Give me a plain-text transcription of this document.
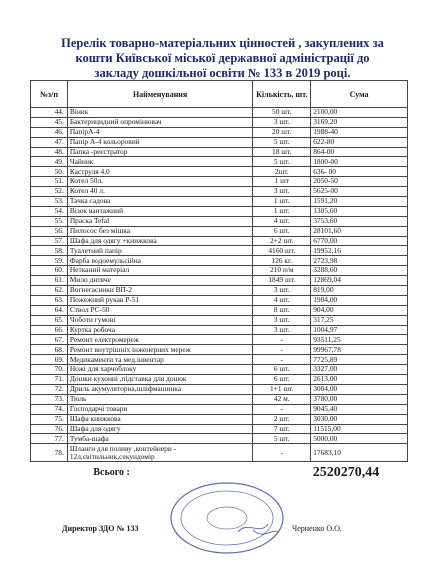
Перелік товарно-матеріальних цінностей , закуплених за
кошти Київської міської державної адміністрації до
закладу дошкільної освіти № 133 в 2019 році.
№з/п	Найменування	Кількість, шт.	Сума
44.	Віник	50 шт.	2100,00
45.	Бактерицидний опромінювач	3 шт.	3169,20
46.	ПапірА-4	20 шт.	1988-40
47.	Папір А-4 кольоровий	5 шт.	622-80
48.	Папка -реєстратор	18 шт.	864-00
49.	Чайник	5 шт.	1800-00
50.	Каструля 4,0	2шт.	636- 00
51.	Котел 50л.	1 шт	2050-50
52.	Котел 40 л.	3 шт.	5625-00
53.	Тачка садова	1 шт.	1591,20
54.	Візок вантажний	1 шт.	1305,60
55.	Праска Tefal	4 шт.	3753,60
56.	Пилосос без мішка	6 шт.	28101,60
57.	Шафа для одягу +книжкова	2+2 шт.	6770,00
58.	Туалетний папір	4160 шт.	19952,16
59.	Фарба водоемульсійна	126 кг.	2723,98
60.	Нетканий матеріал	210 п/м	3288,60
61.	Мило дитяче	1849 шт.	12869,04
62.	Вогнегасники ВП-2	3 шт.	819,00
63.	Пожежний рукав Р-51	4 шт.	1904,00
64.	Ствол РС-50	8 шт.	904,00
65.	Чоботи гумові	3 шт.	317,25
66.	Куртка робоча	3 шт.	1004,97
67.	Ремонт електромереж	-	93511,25
68.	Ремонт внутрішніх інженерних мереж	-	99967,78
69.	Медикаменти та мед.інвентар	-	7725,89
70.	Ножі для харчоблоку	6 шт.	3327,00
71.	Дошки кухонні ,підставка для дошок	6 шт.	2613,00
72.	Дриль акумуляторна,шліфмашинка	1+1 шт.	3004,00
73.	Тюль	42 м.	3780,00
74.	Господарчі товари	-	9045,40
75.	Шафа книжкова	2 шт.	3030,00
76.	Шафа для одягу	7 шт.	11515,00
77.	Тумба-шафа	5 шт.	5000,00
78.	Шланги для поливу ,контейнери - 12л,світильник,секундомір	-	17683,10
	Всього :		2520270,44
Директор ЗДО № 133	Черненко О.О.
